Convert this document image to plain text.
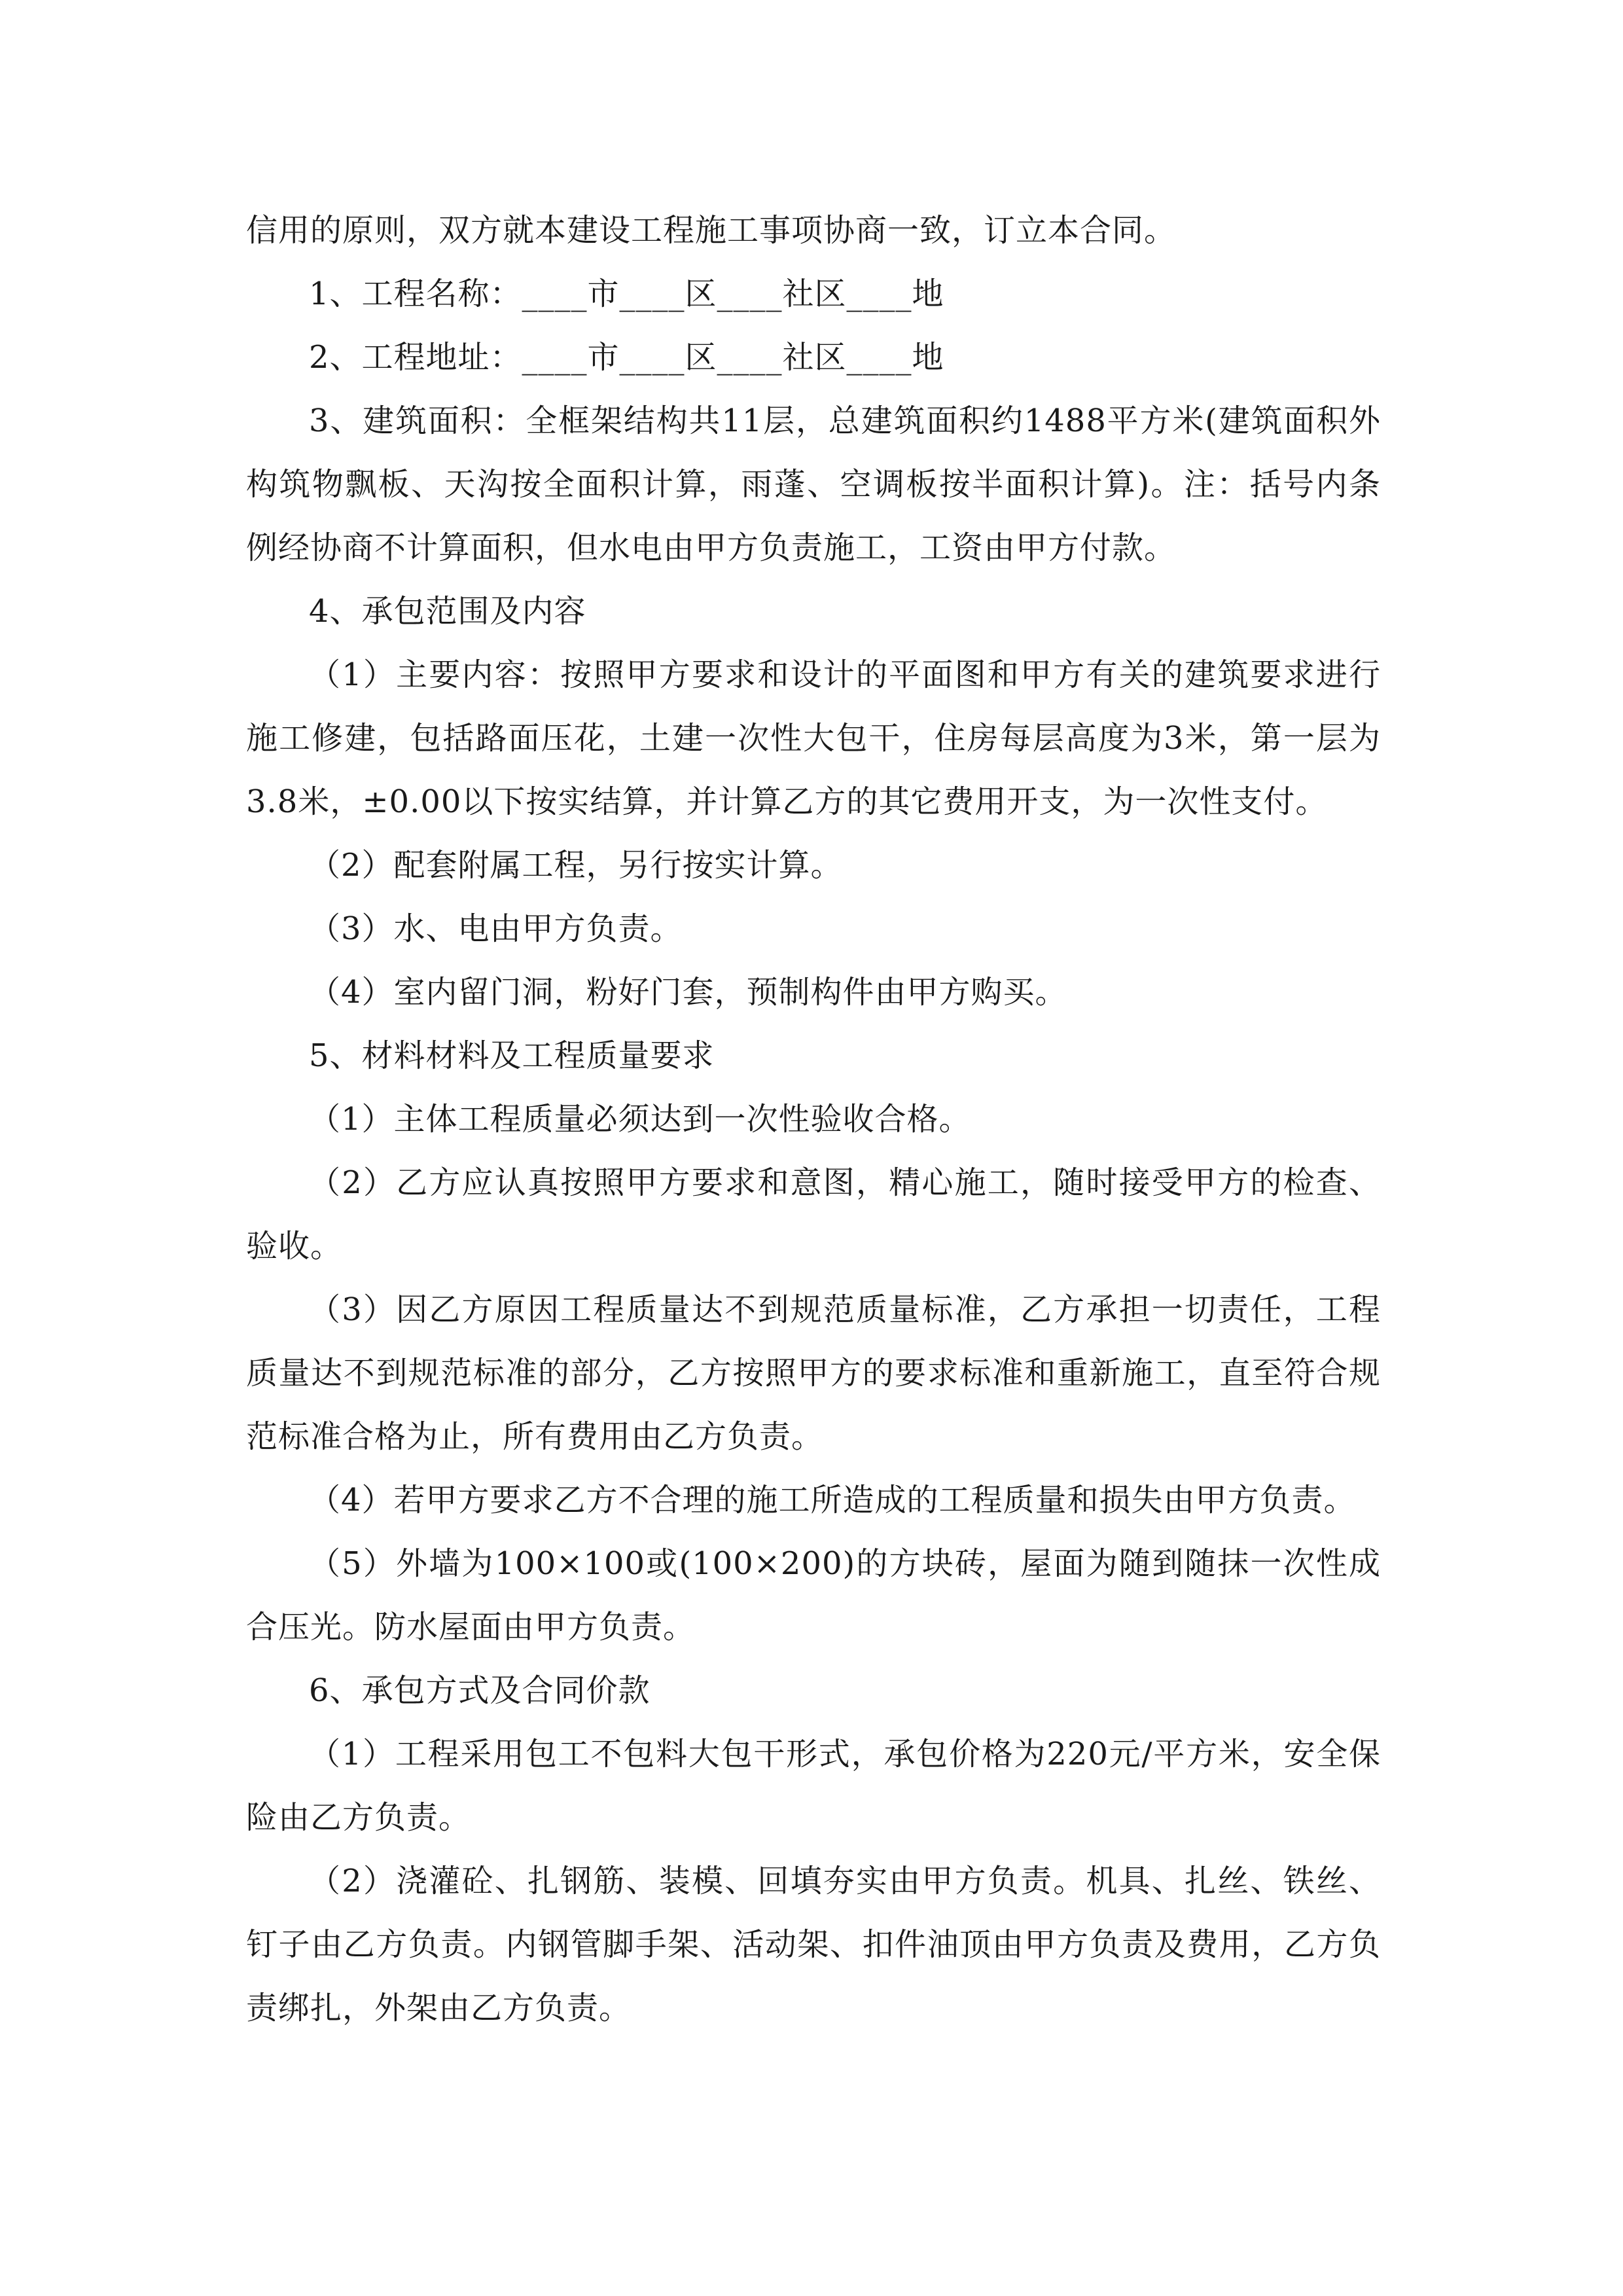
信用的原则，双方就本建设工程施工事项协商一致，订立本合同。

1、工程名称：____市____区____社区____地

2、工程地址：____市____区____社区____地

3、建筑面积：全框架结构共11层，总建筑面积约1488平方米(建筑面积外构筑物飘板、天沟按全面积计算，雨蓬、空调板按半面积计算)。注：括号内条例经协商不计算面积，但水电由甲方负责施工，工资由甲方付款。

4、承包范围及内容

（1）主要内容：按照甲方要求和设计的平面图和甲方有关的建筑要求进行施工修建，包括路面压花，土建一次性大包干，住房每层高度为3米，第一层为3.8米，±0.00以下按实结算，并计算乙方的其它费用开支，为一次性支付。

（2）配套附属工程，另行按实计算。

（3）水、电由甲方负责。

（4）室内留门洞，粉好门套，预制构件由甲方购买。

5、材料材料及工程质量要求

（1）主体工程质量必须达到一次性验收合格。

（2）乙方应认真按照甲方要求和意图，精心施工，随时接受甲方的检查、验收。

（3）因乙方原因工程质量达不到规范质量标准，乙方承担一切责任，工程质量达不到规范标准的部分，乙方按照甲方的要求标准和重新施工，直至符合规范标准合格为止，所有费用由乙方负责。

（4）若甲方要求乙方不合理的施工所造成的工程质量和损失由甲方负责。

（5）外墙为100×100或(100×200)的方块砖，屋面为随到随抹一次性成合压光。防水屋面由甲方负责。

6、承包方式及合同价款

（1）工程采用包工不包料大包干形式，承包价格为220元/平方米，安全保险由乙方负责。

（2）浇灌砼、扎钢筋、装模、回填夯实由甲方负责。机具、扎丝、铁丝、钉子由乙方负责。内钢管脚手架、活动架、扣件油顶由甲方负责及费用，乙方负责绑扎，外架由乙方负责。
